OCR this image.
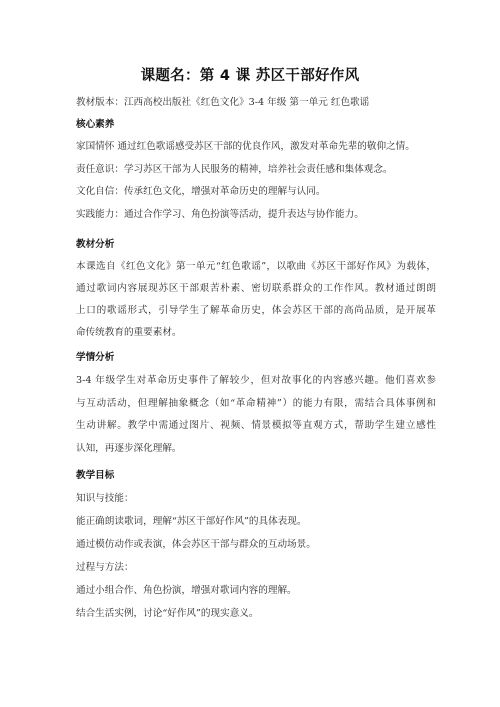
课题名：第 4 课 苏区干部好作风
教材版本：江西高校出版社《红色文化》3-4 年级 第一单元 红色歌谣
核心素养
家国情怀 通过红色歌谣感受苏区干部的优良作风，激发对革命先辈的敬仰之情。
责任意识：学习苏区干部为人民服务的精神，培养社会责任感和集体观念。
文化自信：传承红色文化，增强对革命历史的理解与认同。
实践能力：通过合作学习、角色扮演等活动，提升表达与协作能力。
教材分析
本课选自《红色文化》第一单元“红色歌谣”，以歌曲《苏区干部好作风》为载体，
通过歌词内容展现苏区干部艰苦朴素、密切联系群众的工作作风。教材通过朗朗
上口的歌谣形式，引导学生了解革命历史，体会苏区干部的高尚品质，是开展革
命传统教育的重要素材。
学情分析
3-4 年级学生对革命历史事件了解较少，但对故事化的内容感兴趣。他们喜欢参
与互动活动，但理解抽象概念（如“革命精神”）的能力有限，需结合具体事例和
生动讲解。教学中需通过图片、视频、情景模拟等直观方式，帮助学生建立感性
认知，再逐步深化理解。
教学目标
知识与技能：
能正确朗读歌词，理解“苏区干部好作风”的具体表现。
通过模仿动作或表演，体会苏区干部与群众的互动场景。
过程与方法：
通过小组合作、角色扮演，增强对歌词内容的理解。
结合生活实例，讨论“好作风”的现实意义。
